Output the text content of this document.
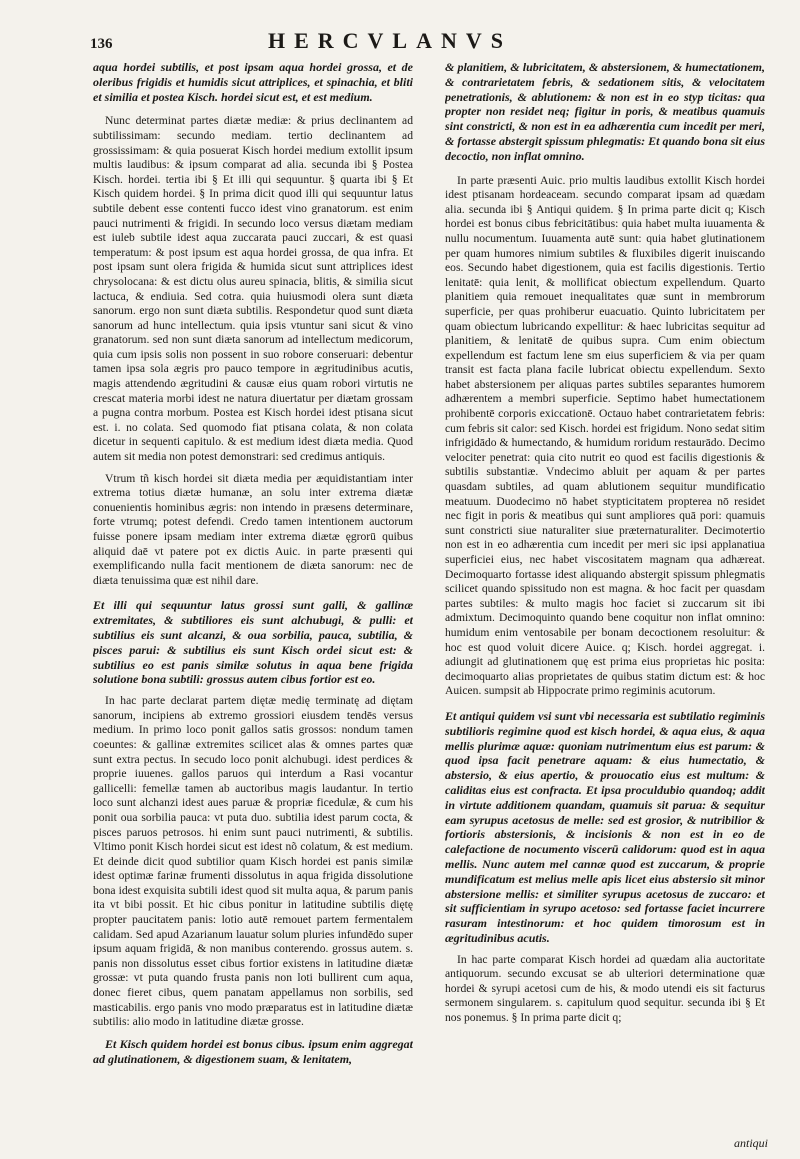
136	HERCVLANVS

aqua hordei subtilis, et post ipsam aqua hordei grossa, et de oleribus frigidis et humidis sicut attriplices, et spinachia, et bliti et similia et postea Kisch. hordei sicut est, et est medium.

Nunc determinat partes diætæ mediæ: & prius declinantem ad subtilissimam: secundo mediam. tertio declinantem ad grossissimam: & quia posuerat Kisch hordei medium extollit ipsum multis laudibus: & ipsum comparat ad alia. secunda ibi § Postea Kisch. hordei. tertia ibi § Et illi qui sequuntur. § quarta ibi § Et Kisch quidem hordei. § In prima dicit quod illi qui sequuntur latus subtile debent esse contenti fucco idest vino granatorum. est enim pauci nutrimenti & frigidi. In secundo loco versus diætam mediam est iuleb subtile idest aqua zuccarata pauci zuccari, & est quasi temperatum: & post ipsum est aqua hordei grossa, de qua infra. Et post ipsam sunt olera frigida & humida sicut sunt attriplices idest chrysolocana: & est dictu olus aureu spinacia, blitis, & similia sicut lactuca, & endiuia. Sed cotra. quia huiusmodi olera sunt diæta sanorum. ergo non sunt diæta subtilis. Respondetur quod sunt diæta sanorum ad hunc intellectum. quia ipsis vtuntur sani sicut & vino granatorum. sed non sunt diæta sanorum ad intellectum medicorum, quia cum ipsis solis non possent in suo robore conseruari: debentur tamen ipsa sola ægris pro pauco tempore in ægritudinibus acutis, magis attendendo ægritudini & causæ eius quam robori virtutis ne crescat materia morbi idest ne natura diuertatur per diætam grossam a pugna contra morbum. Postea est Kisch hordei idest ptisana sicut est. i. no colata. Sed quomodo fiat ptisana colata, & non colata dicetur in sequenti capitulo. & est medium idest diæta media. Quod autem sit media non potest demonstrari: sed credimus antiquis.

Vtrum tñ kisch hordei sit diæta media per æquidistantiam inter extrema totius diætæ humanæ, an solu inter extrema diætæ conuenientis hominibus ægris: non intendo in præsens determinare, forte vtrumq; potest defendi. Credo tamen intentionem auctorum fuisse ponere ipsam mediam inter extrema diætæ ęgrorū quibus aliquid daē vt patere pot ex dictis Auic. in parte præsenti qui exemplificando nulla facit mentionem de diæta sanorum: nec de diæta tenuissima quæ est nihil dare.

Et illi qui sequuntur latus grossi sunt galli, & gallinæ extremitates, & subtiliores eis sunt alchubugi, & pulli: et subtilius eis sunt alcanzi, & oua sorbilia, pauca, subtilia, & pisces parui: & subtilius eis sunt Kisch ordei sicut est: & subtilius eo est panis similæ solutus in aqua bene frigida solutione bona subtili: grossus autem cibus fortior est eo.

In hac parte declarat partem diętæ medię terminatę ad diętam sanorum, incipiens ab extremo grossiori eiusdem tendēs versus medium. In primo loco ponit gallos satis grossos: nondum tamen coeuntes: & gallinæ extremites scilicet alas & omnes partes quæ sunt extra pectus. In secudo loco ponit alchubugi. idest perdices & proprie iuuenes. gallos paruos qui interdum a Rasi vocantur gallicelli: femellæ tamen ab auctoribus magis laudantur. In tertio loco sunt alchanzi idest aues paruæ & propriæ ficedulæ, & cum his ponit oua sorbilia pauca: vt puta duo. subtilia idest parum cocta, & pisces paruos petrosos. hi enim sunt pauci nutrimenti, & subtilis. Vltimo ponit Kisch hordei sicut est idest nõ colatum, & est medium. Et deinde dicit quod subtilior quam Kisch hordei est panis similæ idest optimæ farinæ frumenti dissolutus in aqua frigida dissolutione bona idest exquisita subtili idest quod sit multa aqua, & parum panis ita vt bibi possit. Et hic cibus ponitur in latitudine subtilis diętę propter paucitatem panis: lotio autē remouet partem fermentalem calidam. Sed apud Azarianum lauatur solum pluries infundēdo super ipsum aquam frigidā, & non manibus conterendo. grossus autem. s. panis non dissolutus esset cibus fortior existens in latitudine diætæ grossæ: vt puta quando frusta panis non loti bullirent cum aqua, donec fieret cibus, quem panatam appellamus non sorbilis, sed masticabilis. ergo panis vno modo præparatus est in latitudine diætæ subtilis: alio modo in latitudine diætæ grosse.

Et Kisch quidem hordei est bonus cibus. ipsum enim aggregat ad glutinationem, & digestionem suam, & lenitatem,

& planitiem, & lubricitatem, & abstersionem, & humectationem, & contrarietatem febris, & sedationem sitis, & velocitatem penetrationis, & ablutionem: & non est in eo styp ticitas: qua propter non residet neq; figitur in poris, & meatibus quamuis sint constricti, & non est in ea adhærentia cum incedit per meri, & fortasse abstergit spissum phlegmatis: Et quando bona sit eius decoctio, non inflat omnino.

In parte præsenti Auic. prio multis laudibus extollit Kisch hordei idest ptisanam hordeaceam. secundo comparat ipsam ad quædam alia. secunda ibi § Antiqui quidem. § In prima parte dicit q; Kisch hordei est bonus cibus febricitātibus: quia habet multa iuuamenta & nullu nocumentum. Iuuamenta autē sunt: quia habet glutinationem per quam humores nimium subtiles & fluxibiles digerit inuiscando eos. Secundo habet digestionem, quia est facilis digestionis. Tertio lenitatē: quia lenit, & mollificat obiectum expellendum. Quarto planitiem quia remouet inequalitates quæ sunt in membrorum superficie, per quas prohiberur euacuatio. Quinto lubricitatem per quam obiectum lubricando expellitur: & haec lubricitas sequitur ad planitiem, & lenitatē de quibus supra. Cum enim obiectum expellendum est factum lene sm eius superficiem & via per quam transit est facta plana facile lubricat obiectu expellendum. Sexto habet abstersionem per aliquas partes subtiles separantes humorem adhærentem a membri superficie. Septimo habet humectationem prohibentē corporis exiccationē. Octauo habet contrarietatem febris: cum febris sit calor: sed Kisch. hordei est frigidum. Nono sedat sitim infrigidādo & humectando, & humidum roridum restaurādo. Decimo velociter penetrat: quia cito nutrit eo quod est facilis digestionis & subtilis substantiæ. Vndecimo abluit per aquam & per partes quasdam subtiles, ad quam ablutionem sequitur mundificatio meatuum. Duodecimo nō habet stypticitatem propterea nō residet nec figit in poris & meatibus qui sunt ampliores quā pori: quamuis sunt constricti siue naturaliter siue præternaturaliter. Decimotertio non est in eo adhærentia cum incedit per meri sic ipsi applanatiua superficiei eius, nec habet viscositatem magnam qua adhæreat. Decimoquarto fortasse idest aliquando abstergit spissum phlegmatis scilicet quando spissitudo non est magna. & hoc facit per quasdam partes subtiles: & multo magis hoc faciet si zuccarum sit ibi admixtum. Decimoquinto quando bene coquitur non inflat omnino: humidum enim ventosabile per bonam decoctionem resoluitur: & hoc est quod voluit dicere Auice. q; Kisch. hordei aggregat. i. adiungit ad glutinationem quę est prima eius proprietas hic posita: decimoquarto alias proprietates de quibus statim dictum est: & hoc Auicen. sumpsit ab Hippocrate primo regiminis acutorum.

Et antiqui quidem vsi sunt vbi necessaria est subtilatio regiminis subtilioris regimine quod est kisch hordei, & aqua eius, & aqua mellis plurimæ aquæ: quoniam nutrimentum eius est parum: & quod ipsa facit penetrare aquam: & eius humectatio, & abstersio, & eius apertio, & prouocatio eius est multum: & caliditas eius est confracta. Et ipsa proculdubio quandoq; addit in virtute additionem quandam, quamuis sit parua: & sequitur eam syrupus acetosus de melle: sed est grosior, & nutribilior & fortioris abstersionis, & incisionis & non est in eo de calefactione de nocumento viscerū calidorum: quod est in aqua mellis. Nunc autem mel cannæ quod est zuccarum, & proprie mundificatum est melius melle apis licet eius abstersio sit minor abstersione mellis: et similiter syrupus acetosus de zuccaro: et sit sufficientiam in syrupo acetoso: sed fortasse faciet incurrere rasuram intestinorum: et hoc quidem timorosum est in ægritudinibus acutis.

In hac parte comparat Kisch hordei ad quædam alia auctoritate antiquorum. secundo excusat se ab ulteriori determinatione quæ hordei & syrupi acetosi cum de his, & modo utendi eis sit facturus sermonem singularem. s. capitulum quod sequitur. secunda ibi § Et nos ponemus. § In prima parte dicit q;

antiqui
